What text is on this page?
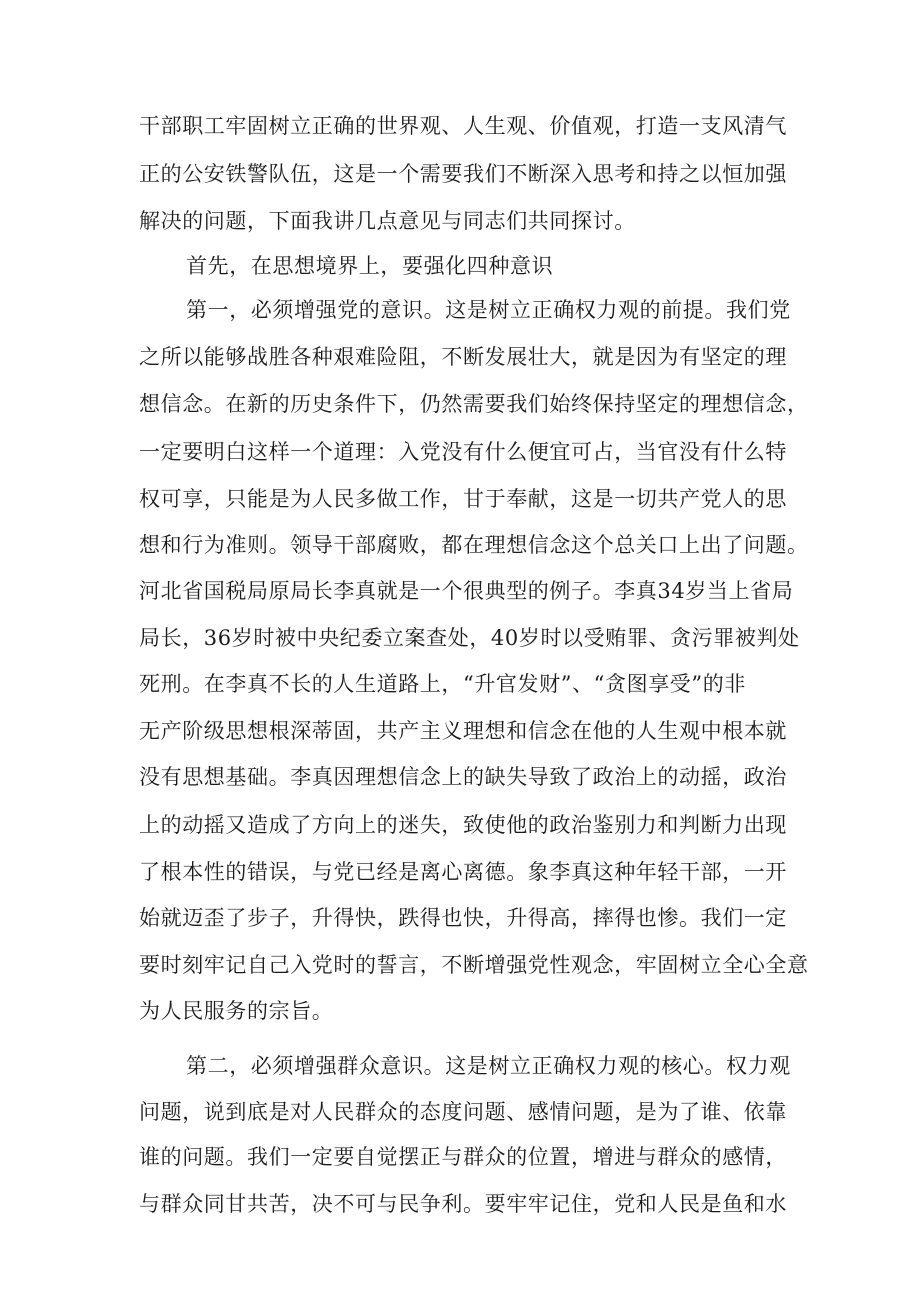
干部职工牢固树立正确的世界观、人生观、价值观，打造一支风清气
正的公安铁警队伍，这是一个需要我们不断深入思考和持之以恒加强
解决的问题，下面我讲几点意见与同志们共同探讨。
首先，在思想境界上，要强化四种意识
第一，必须增强党的意识。这是树立正确权力观的前提。我们党
之所以能够战胜各种艰难险阻，不断发展壮大，就是因为有坚定的理
想信念。在新的历史条件下，仍然需要我们始终保持坚定的理想信念，
一定要明白这样一个道理：入党没有什么便宜可占，当官没有什么特
权可享，只能是为人民多做工作，甘于奉献，这是一切共产党人的思
想和行为准则。领导干部腐败，都在理想信念这个总关口上出了问题。
河北省国税局原局长李真就是一个很典型的例子。李真34岁当上省局
局长，36岁时被中央纪委立案查处，40岁时以受贿罪、贪污罪被判处
死刑。在李真不长的人生道路上，“升官发财”、“贪图享受”的非
无产阶级思想根深蒂固，共产主义理想和信念在他的人生观中根本就
没有思想基础。李真因理想信念上的缺失导致了政治上的动摇，政治
上的动摇又造成了方向上的迷失，致使他的政治鉴别力和判断力出现
了根本性的错误，与党已经是离心离德。象李真这种年轻干部，一开
始就迈歪了步子，升得快，跌得也快，升得高，摔得也惨。我们一定
要时刻牢记自己入党时的誓言，不断增强党性观念，牢固树立全心全意
为人民服务的宗旨。
第二，必须增强群众意识。这是树立正确权力观的核心。权力观
问题，说到底是对人民群众的态度问题、感情问题，是为了谁、依靠
谁的问题。我们一定要自觉摆正与群众的位置，增进与群众的感情，
与群众同甘共苦，决不可与民争利。要牢牢记住，党和人民是鱼和水
